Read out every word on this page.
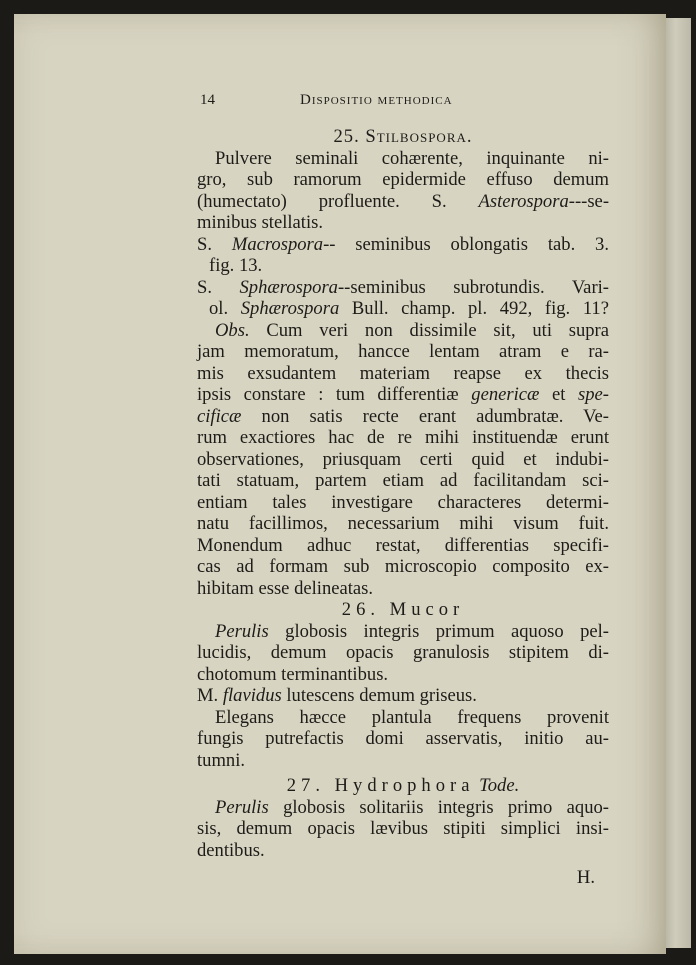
14	Dispositio methodica
25. Stilbospora.
Pulvere seminali cohærente, inquinante ni-
gro, sub ramorum epidermide effuso demum
(humectato) profluente. S. Asterospora---se-
minibus stellatis.
S. Macrospora-- seminibus oblongatis tab. 3.
fig. 13.
S. Sphærospora--seminibus subrotundis. Vari-
ol. Sphærospora Bull. champ. pl. 492, fig. 11?
Obs. Cum veri non dissimile sit, uti supra
jam memoratum, hancce lentam atram e ra-
mis exsudantem materiam reapse ex thecis
ipsis constare : tum differentiæ genericæ et spe-
cificæ non satis recte erant adumbratæ. Ve-
rum exactiores hac de re mihi instituendæ erunt
observationes, priusquam certi quid et indubi-
tati statuam, partem etiam ad facilitandam sci-
entiam tales investigare characteres determi-
natu facillimos, necessarium mihi visum fuit.
Monendum adhuc restat, differentias specifi-
cas ad formam sub microscopio composito ex-
hibitam esse delineatas.
26. Mucor
Perulis globosis integris primum aquoso pel-
lucidis, demum opacis granulosis stipitem di-
chotomum terminantibus.
M. flavidus lutescens demum griseus.
Elegans hæcce plantula frequens provenit
fungis putrefactis domi asservatis, initio au-
tumni.
27. Hydrophora Tode.
Perulis globosis solitariis integris primo aquo-
sis, demum opacis lævibus stipiti simplici insi-
dentibus.
H.
